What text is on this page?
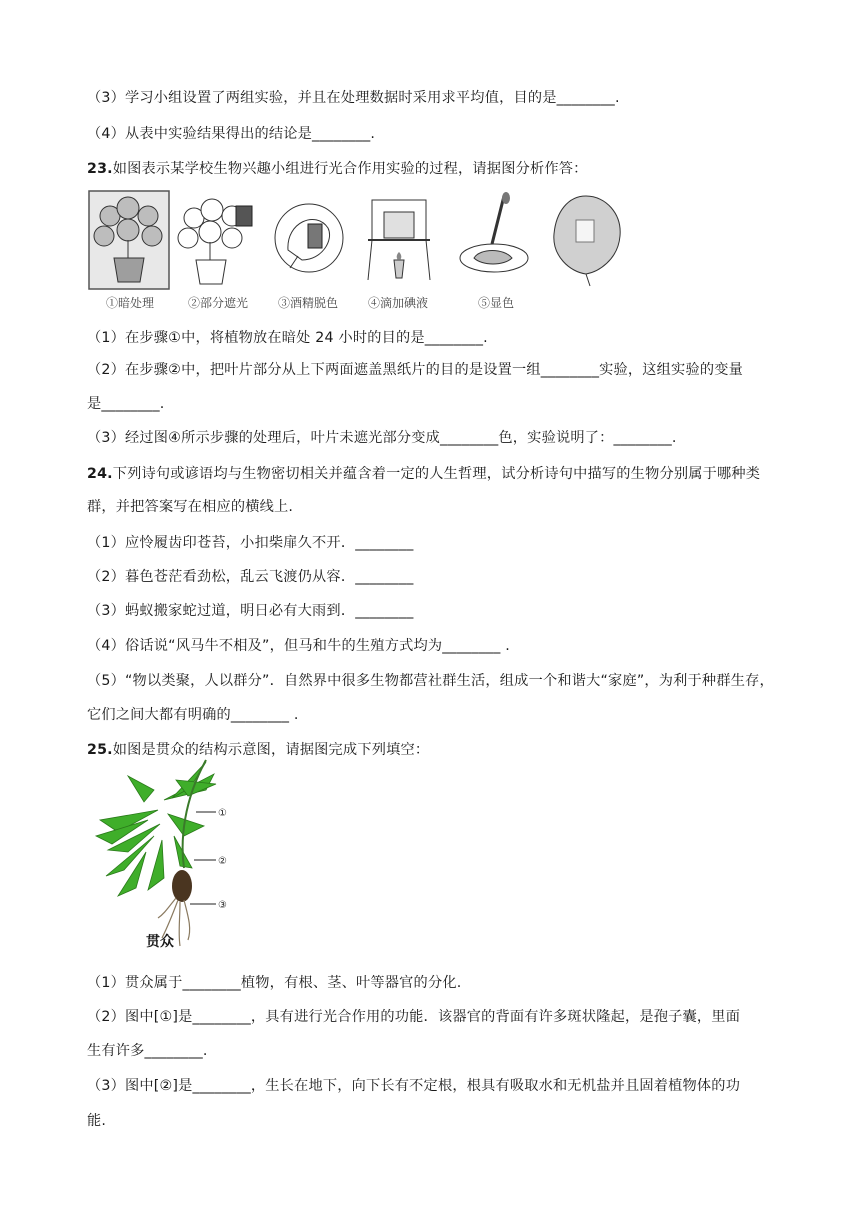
（3）学习小组设置了两组实验，并且在处理数据时采用求平均值，目的是________.
（4）从表中实验结果得出的结论是________.
23.如图表示某学校生物兴趣小组进行光合作用实验的过程，请据图分析作答：
①暗处理	②部分遮光	③酒精脱色	④滴加碘液	⑤显色
（1）在步骤①中，将植物放在暗处 24 小时的目的是________.
（2）在步骤②中，把叶片部分从上下两面遮盖黑纸片的目的是设置一组________实验，这组实验的变量
是________.
（3）经过图④所示步骤的处理后，叶片未遮光部分变成________色，实验说明了：________.
24.下列诗句或谚语均与生物密切相关并蕴含着一定的人生哲理，试分析诗句中描写的生物分别属于哪种类
群，并把答案写在相应的横线上.
（1）应怜履齿印苍苔，小扣柴扉久不开．________
（2）暮色苍茫看劲松，乱云飞渡仍从容．________
（3）蚂蚁搬家蛇过道，明日必有大雨到．________
（4）俗话说“风马牛不相及”，但马和牛的生殖方式均为________ .
（5）“物以类聚，人以群分”．自然界中很多生物都营社群生活，组成一个和谐大“家庭”，为利于种群生存，
它们之间大都有明确的________ .
25.如图是贯众的结构示意图，请据图完成下列填空：
①
②
③
贯众
（1）贯众属于________植物，有根、茎、叶等器官的分化.
（2）图中[①]是________，具有进行光合作用的功能．该器官的背面有许多斑状隆起，是孢子囊，里面
生有许多________.
（3）图中[②]是________，生长在地下，向下长有不定根，根具有吸取水和无机盐并且固着植物体的功
能.
